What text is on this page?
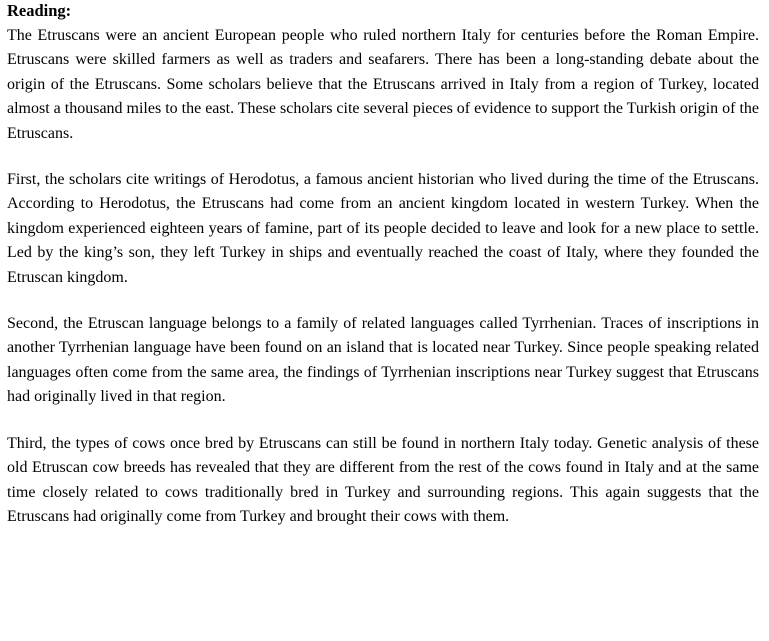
Reading:

The Etruscans were an ancient European people who ruled northern Italy for centuries before the Roman Empire. Etruscans were skilled farmers as well as traders and seafarers. There has been a long-standing debate about the origin of the Etruscans. Some scholars believe that the Etruscans arrived in Italy from a region of Turkey, located almost a thousand miles to the east. These scholars cite several pieces of evidence to support the Turkish origin of the Etruscans.

First, the scholars cite writings of Herodotus, a famous ancient historian who lived during the time of the Etruscans. According to Herodotus, the Etruscans had come from an ancient kingdom located in western Turkey. When the kingdom experienced eighteen years of famine, part of its people decided to leave and look for a new place to settle. Led by the king’s son, they left Turkey in ships and eventually reached the coast of Italy, where they founded the Etruscan kingdom.

Second, the Etruscan language belongs to a family of related languages called Tyrrhenian. Traces of inscriptions in another Tyrrhenian language have been found on an island that is located near Turkey. Since people speaking related languages often come from the same area, the findings of Tyrrhenian inscriptions near Turkey suggest that Etruscans had originally lived in that region.

Third, the types of cows once bred by Etruscans can still be found in northern Italy today. Genetic analysis of these old Etruscan cow breeds has revealed that they are different from the rest of the cows found in Italy and at the same time closely related to cows traditionally bred in Turkey and surrounding regions. This again suggests that the Etruscans had originally come from Turkey and brought their cows with them.
